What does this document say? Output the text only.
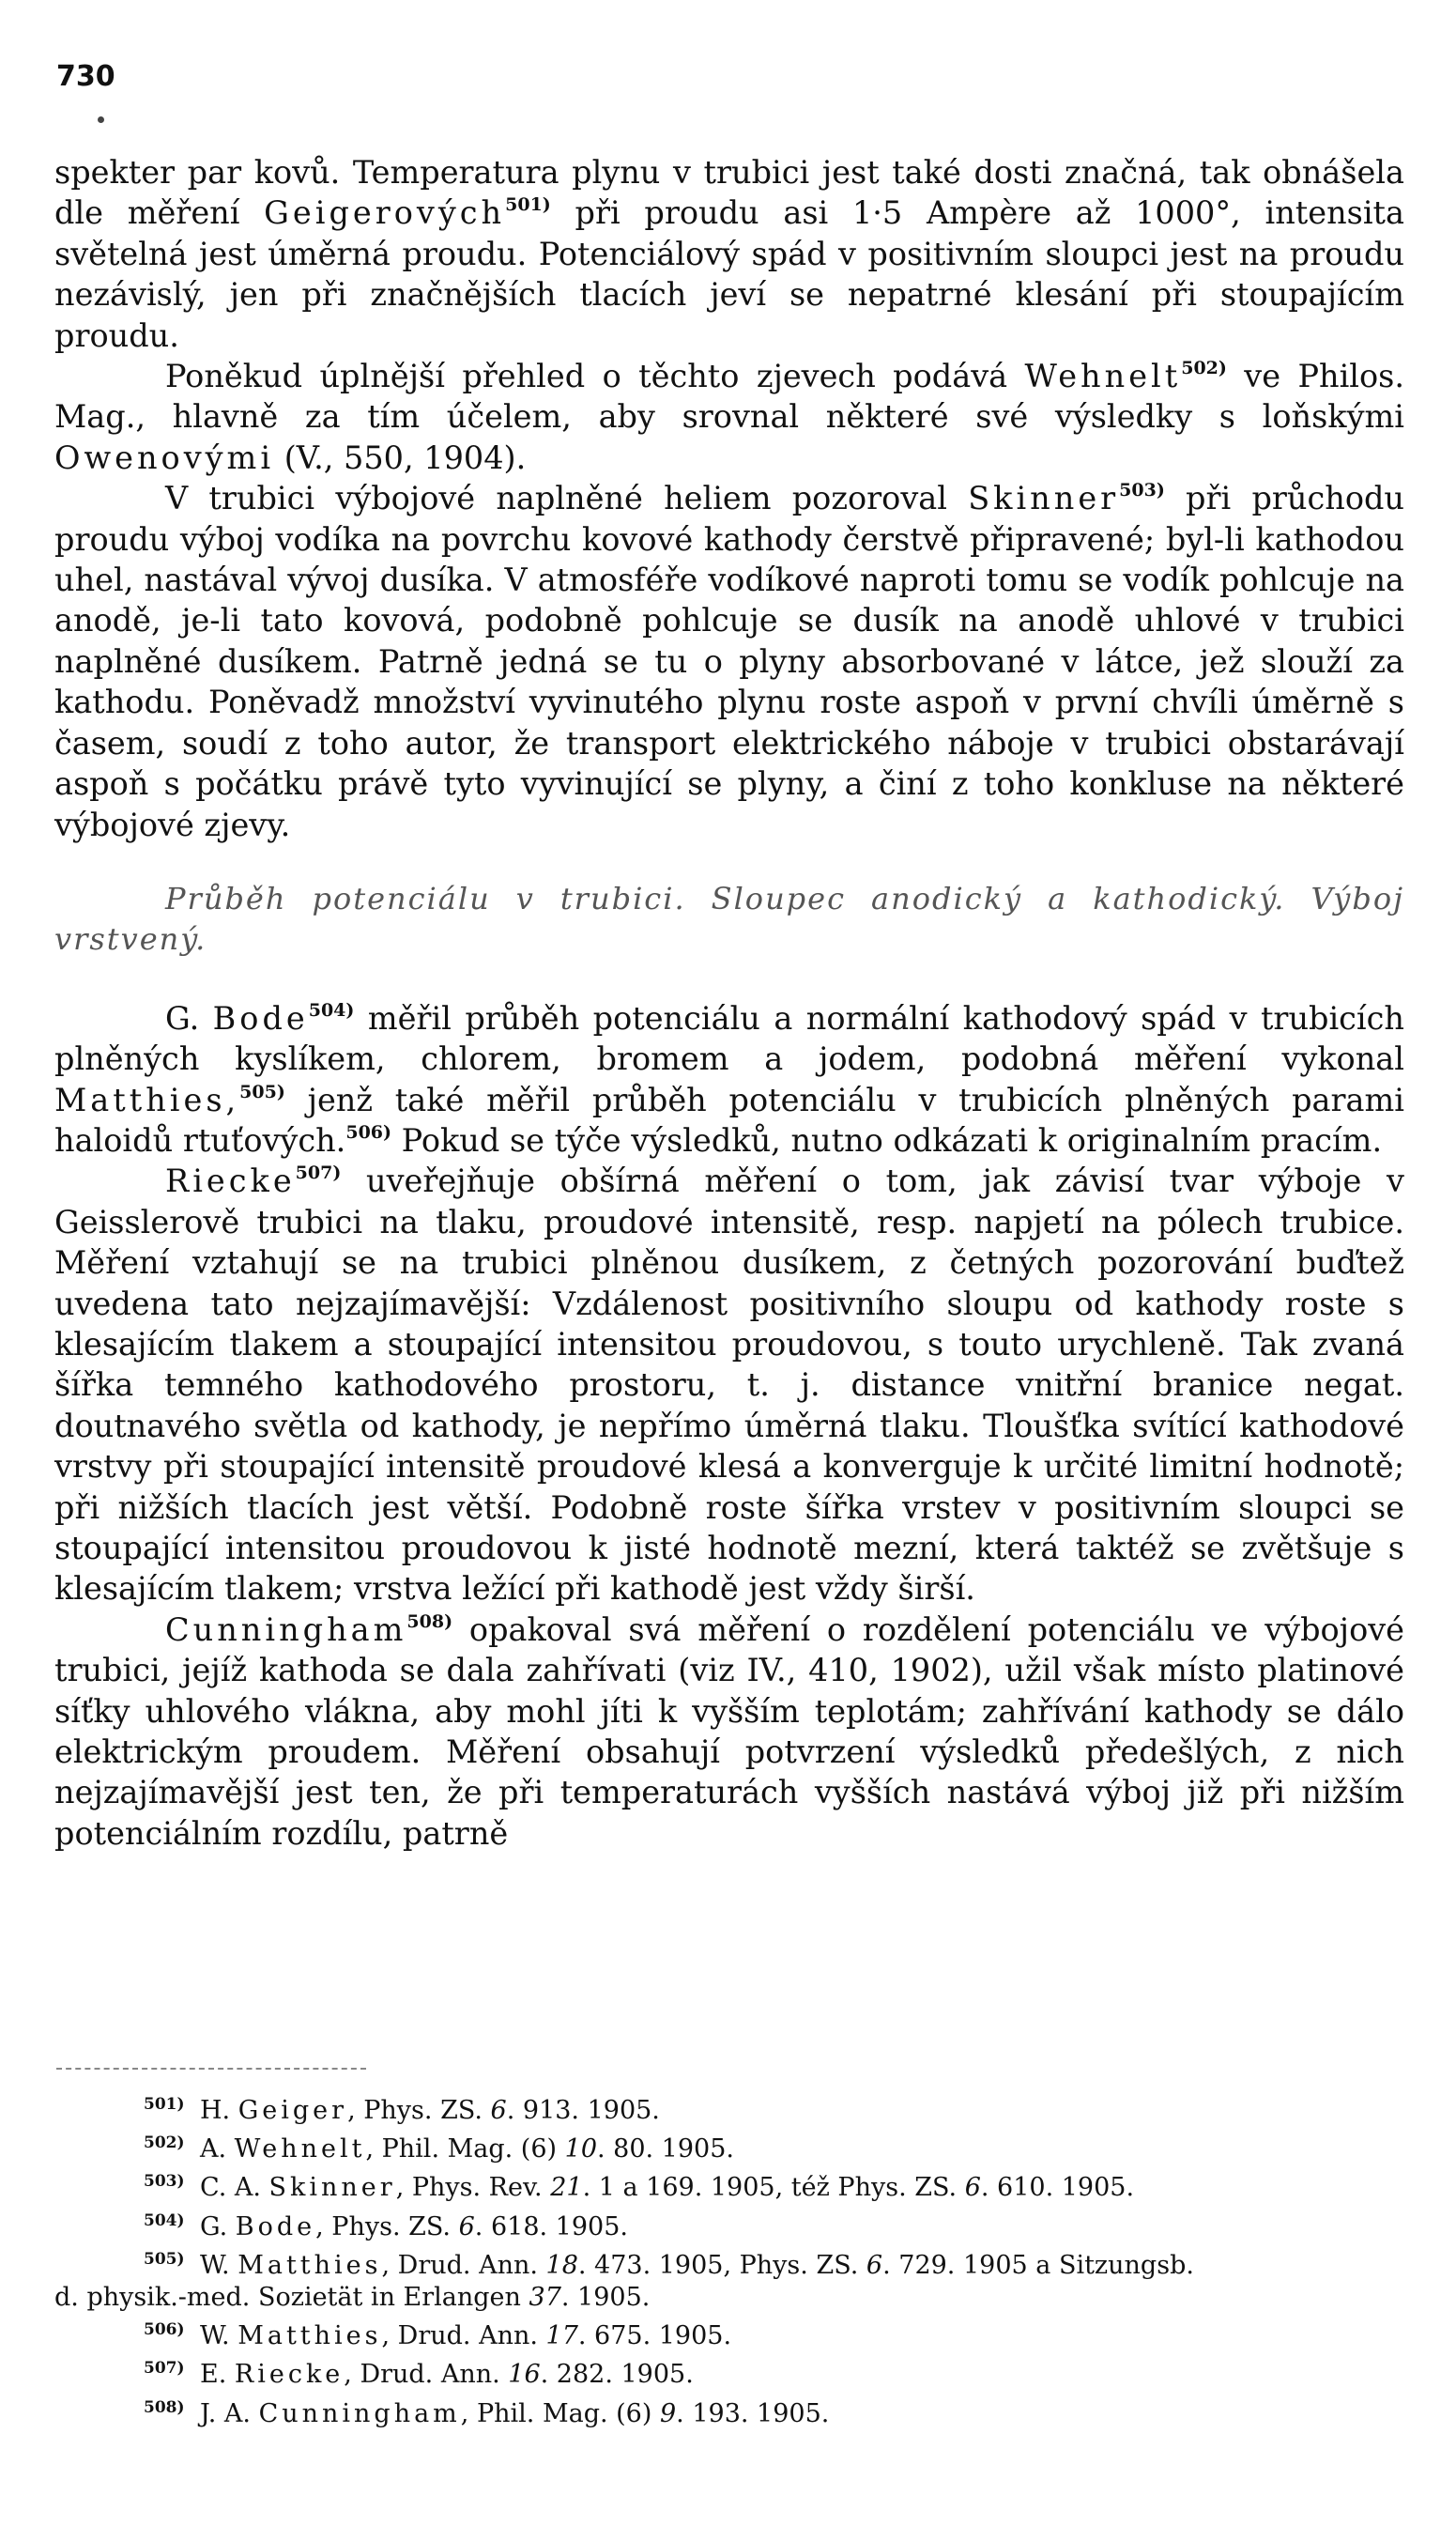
730

spekter par kovů. Temperatura plynu v trubici jest také dosti značná, tak obnášela dle měření Geigerových$^{501)}$ při proudu asi 1·5 Ampère až 1000°, intensita světelná jest úměrná proudu. Potenciálový spád v positivním sloupci jest na proudu nezávislý, jen při značnějších tlacích jeví se nepatrné klesání při stoupajícím proudu.

Poněkud úplnější přehled o těchto zjevech podává Wehnelt$^{502)}$ ve Philos. Mag., hlavně za tím účelem, aby srovnal některé své výsledky s loňskými Owenovými (V., 550, 1904).

V trubici výbojové naplněné heliem pozoroval Skinner$^{503)}$ při průchodu proudu výboj vodíka na povrchu kovové kathody čerstvě připravené; byl-li kathodou uhel, nastával vývoj dusíka. V atmosféře vodíkové naproti tomu se vodík pohlcuje na anodě, je-li tato kovová, podobně pohlcuje se dusík na anodě uhlové v trubici naplněné dusíkem. Patrně jedná se tu o plyny absorbované v látce, jež slouží za kathodu. Poněvadž množství vyvinutého plynu roste aspoň v první chvíli úměrně s časem, soudí z toho autor, že transport elektrického náboje v trubici obstarávají aspoň s počátku právě tyto vyvinující se plyny, a činí z toho konkluse na některé výbojové zjevy.

Průběh potenciálu v trubici. Sloupec anodický a kathodický. Výboj vrstvený.

G. Bode$^{504)}$ měřil průběh potenciálu a normální kathodový spád v trubicích plněných kyslíkem, chlorem, bromem a jodem, podobná měření vykonal Matthies,$^{505)}$ jenž také měřil průběh potenciálu v trubicích plněných parami haloidů rtuťových.$^{506)}$ Pokud se týče výsledků, nutno odkázati k originalním pracím.

Riecke$^{507)}$ uveřejňuje obšírná měření o tom, jak závisí tvar výboje v Geisslerově trubici na tlaku, proudové intensitě, resp. napjetí na pólech trubice. Měření vztahují se na trubici plněnou dusíkem, z četných pozorování buďtež uvedena tato nejzajímavější: Vzdálenost positivního sloupu od kathody roste s klesajícím tlakem a stoupající intensitou proudovou, s touto urychleně. Tak zvaná šířka temného kathodového prostoru, t. j. distance vnitřní branice negat. doutnavého světla od kathody, je nepřímo úměrná tlaku. Tloušťka svítící kathodové vrstvy při stoupající intensitě proudové klesá a konverguje k určité limitní hodnotě; při nižších tlacích jest větší. Podobně roste šířka vrstev v positivním sloupci se stoupající intensitou proudovou k jisté hodnotě mezní, která taktéž se zvětšuje s klesajícím tlakem; vrstva ležící při kathodě jest vždy širší.

Cunningham$^{508)}$ opakoval svá měření o rozdělení potenciálu ve výbojové trubici, jejíž kathoda se dala zahřívati (viz IV., 410, 1902), užil však místo platinové síťky uhlového vlákna, aby mohl jíti k vyšším teplotám; zahřívání kathody se dálo elektrickým proudem. Měření obsahují potvrzení výsledků předešlých, z nich nejzajímavější jest ten, že při temperaturách vyšších nastává výboj již při nižším potenciálním rozdílu, patrně

501) H. Geiger, Phys. ZS. 6. 913. 1905.
502) A. Wehnelt, Phil. Mag. (6) 10. 80. 1905.
503) C. A. Skinner, Phys. Rev. 21. 1 a 169. 1905, též Phys. ZS. 6. 610. 1905.
504) G. Bode, Phys. ZS. 6. 618. 1905.
505) W. Matthies, Drud. Ann. 18. 473. 1905, Phys. ZS. 6. 729. 1905 a Sitzungsb.
d. physik.-med. Sozietät in Erlangen 37. 1905.
506) W. Matthies, Drud. Ann. 17. 675. 1905.
507) E. Riecke, Drud. Ann. 16. 282. 1905.
508) J. A. Cunningham, Phil. Mag. (6) 9. 193. 1905.
